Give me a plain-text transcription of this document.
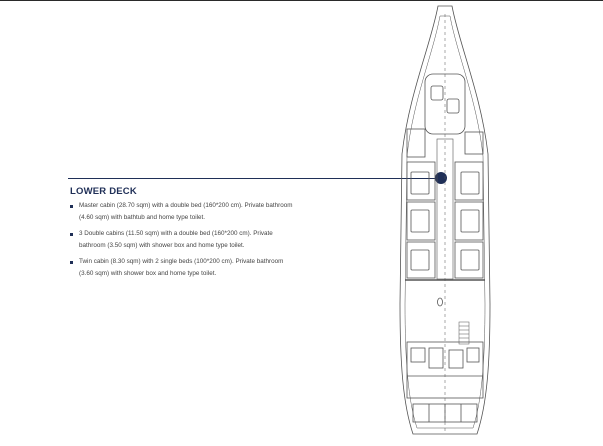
LOWER DECK
Master cabin (28.70 sqm) with a double bed (160*200 cm). Private bathroom (4.60 sqm) with bathtub and home type toilet.
3 Double cabins (11.50 sqm) with a double bed (160*200 cm). Private bathroom (3.50 sqm) with shower box and home type toilet.
Twin cabin (8.30 sqm) with 2 single beds (100*200 cm). Private bathroom (3.60 sqm) with shower box and home type toilet.
